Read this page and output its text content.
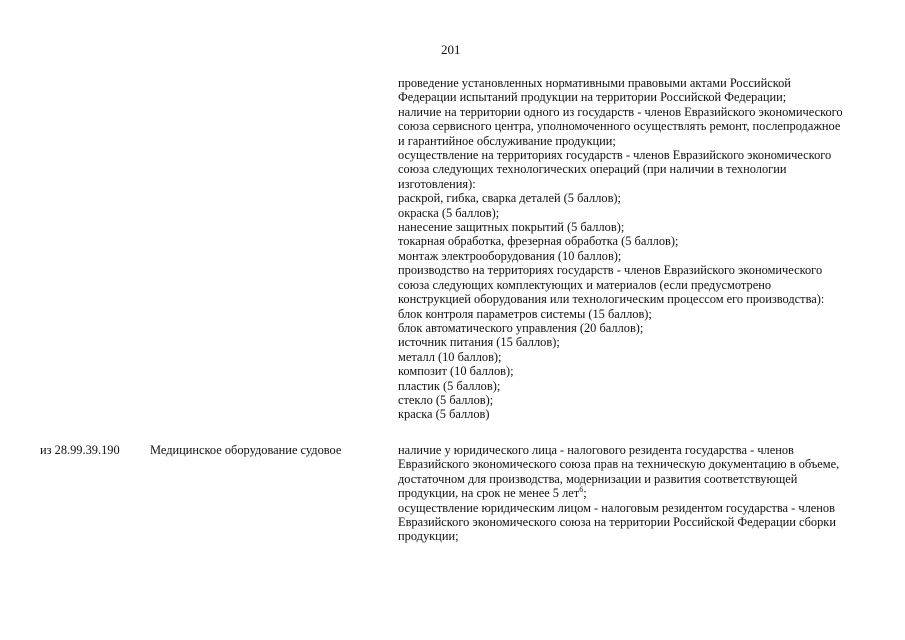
201
проведение установленных нормативными правовыми актами Российской
Федерации испытаний продукции на территории Российской Федерации;
наличие на территории одного из государств - членов Евразийского экономического
союза сервисного центра, уполномоченного осуществлять ремонт, послепродажное
и гарантийное обслуживание продукции;
осуществление на территориях государств - членов Евразийского экономического
союза следующих технологических операций (при наличии в технологии
изготовления):
раскрой, гибка, сварка деталей (5 баллов);
окраска (5 баллов);
нанесение защитных покрытий (5 баллов);
токарная обработка, фрезерная обработка (5 баллов);
монтаж электрооборудования (10 баллов);
производство на территориях государств - членов Евразийского экономического
союза следующих комплектующих и материалов (если предусмотрено
конструкцией оборудования или технологическим процессом его производства):
блок контроля параметров системы (15 баллов);
блок автоматического управления (20 баллов);
источник питания (15 баллов);
металл (10 баллов);
композит (10 баллов);
пластик (5 баллов);
стекло (5 баллов);
краска (5 баллов)
из 28.99.39.190 Медицинское оборудование судовое	наличие у юридического лица - налогового резидента государства - членов
Евразийского экономического союза прав на техническую документацию в объеме,
достаточном для производства, модернизации и развития соответствующей
продукции, на срок не менее 5 лет$^6$;
осуществление юридическим лицом - налоговым резидентом государства - членов
Евразийского экономического союза на территории Российской Федерации сборки
продукции;
